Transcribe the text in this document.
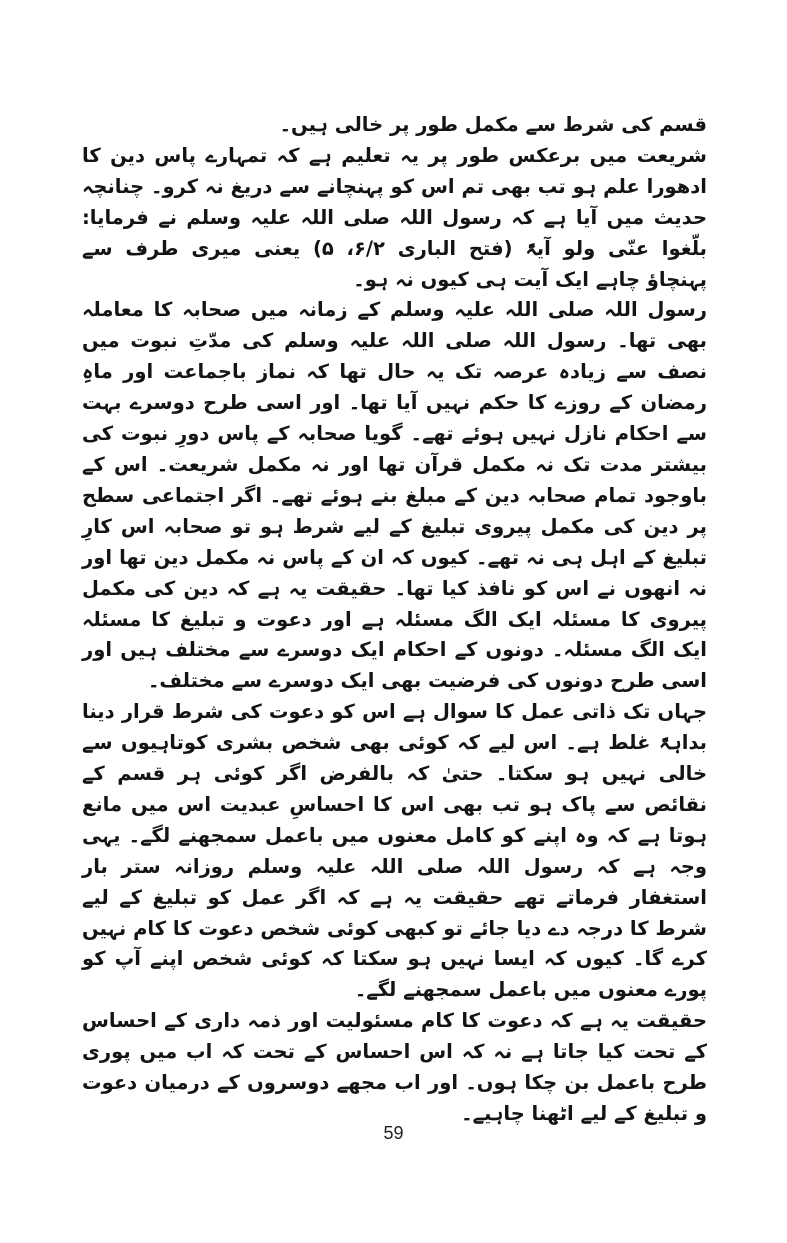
قسم کی شرط سے مکمل طور پر خالی ہیں۔

شریعت میں برعکس طور پر یہ تعلیم ہے کہ تمہارے پاس دین کا ادھورا علم ہو تب بھی تم اس کو پہنچانے سے دریغ نہ کرو۔ چنانچہ حدیث میں آیا ہے کہ رسول اللہ صلی اللہ علیہ وسلم نے فرمایا: بلّغوا عنّی ولو آیۃً (فتح الباری ۶/۲، ۵) یعنی میری طرف سے پہنچاؤ چاہے ایک آیت ہی کیوں نہ ہو۔

رسول اللہ صلی اللہ علیہ وسلم کے زمانہ میں صحابہ کا معاملہ بھی تھا۔ رسول اللہ صلی اللہ علیہ وسلم کی مدّتِ نبوت میں نصف سے زیادہ عرصہ تک یہ حال تھا کہ نماز باجماعت اور ماہِ رمضان کے روزے کا حکم نہیں آیا تھا۔ اور اسی طرح دوسرے بہت سے احکام نازل نہیں ہوئے تھے۔ گویا صحابہ کے پاس دورِ نبوت کی بیشتر مدت تک نہ مکمل قرآن تھا اور نہ مکمل شریعت۔ اس کے باوجود تمام صحابہ دین کے مبلغ بنے ہوئے تھے۔ اگر اجتماعی سطح پر دین کی مکمل پیروی تبلیغ کے لیے شرط ہو تو صحابہ اس کارِ تبلیغ کے اہل ہی نہ تھے۔ کیوں کہ ان کے پاس نہ مکمل دین تھا اور نہ انھوں نے اس کو نافذ کیا تھا۔ حقیقت یہ ہے کہ دین کی مکمل پیروی کا مسئلہ ایک الگ مسئلہ ہے اور دعوت و تبلیغ کا مسئلہ ایک الگ مسئلہ۔ دونوں کے احکام ایک دوسرے سے مختلف ہیں اور اسی طرح دونوں کی فرضیت بھی ایک دوسرے سے مختلف۔

جہاں تک ذاتی عمل کا سوال ہے اس کو دعوت کی شرط قرار دینا بداہۃً غلط ہے۔ اس لیے کہ کوئی بھی شخص بشری کوتاہیوں سے خالی نہیں ہو سکتا۔ حتیٰ کہ بالفرض اگر کوئی ہر قسم کے نقائص سے پاک ہو تب بھی اس کا احساسِ عبدیت اس میں مانع ہوتا ہے کہ وہ اپنے کو کامل معنوں میں باعمل سمجھنے لگے۔ یہی وجہ ہے کہ رسول اللہ صلی اللہ علیہ وسلم روزانہ ستر بار استغفار فرماتے تھے حقیقت یہ ہے کہ اگر عمل کو تبلیغ کے لیے شرط کا درجہ دے دیا جائے تو کبھی کوئی شخص دعوت کا کام نہیں کرے گا۔ کیوں کہ ایسا نہیں ہو سکتا کہ کوئی شخص اپنے آپ کو پورے معنوں میں باعمل سمجھنے لگے۔

حقیقت یہ ہے کہ دعوت کا کام مسئولیت اور ذمہ داری کے احساس کے تحت کیا جاتا ہے نہ کہ اس احساس کے تحت کہ اب میں پوری طرح باعمل بن چکا ہوں۔ اور اب مجھے دوسروں کے درمیان دعوت و تبلیغ کے لیے اٹھنا چاہیے۔

59
